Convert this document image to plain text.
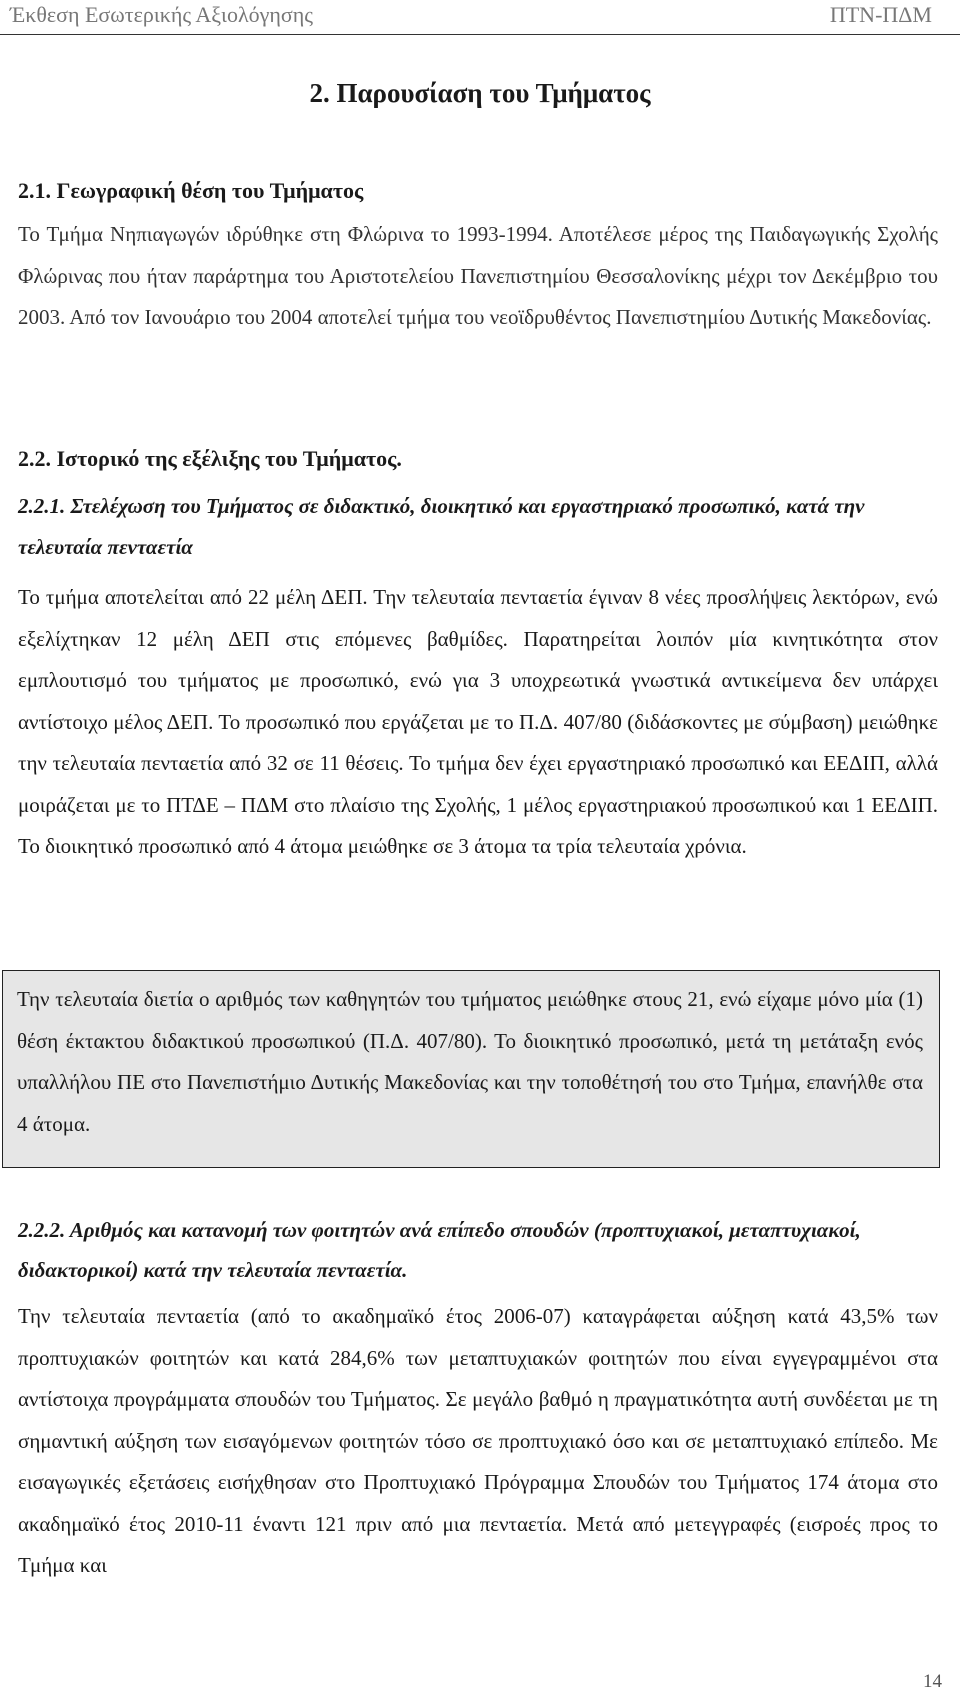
Έκθεση Εσωτερικής Αξιολόγησης	ΠΤΝ-ΠΔΜ
2. Παρουσίαση του Τμήματος
2.1. Γεωγραφική θέση του Τμήματος

Το Τμήμα Νηπιαγωγών ιδρύθηκε στη Φλώρινα το 1993-1994. Αποτέλεσε μέρος της Παιδαγωγικής Σχολής Φλώρινας που ήταν παράρτημα του Αριστοτελείου Πανεπιστημίου Θεσσαλονίκης μέχρι τον Δεκέμβριο του 2003. Από τον Ιανουάριο του 2004 αποτελεί τμήμα του νεοϊδρυθέντος Πανεπιστημίου Δυτικής Μακεδονίας.

2.2. Ιστορικό της εξέλιξης του Τμήματος.
2.2.1. Στελέχωση του Τμήματος σε διδακτικό, διοικητικό και εργαστηριακό προσωπικό, κατά την τελευταία πενταετία

Το τμήμα αποτελείται από 22 μέλη ΔΕΠ. Την τελευταία πενταετία έγιναν 8 νέες προσλήψεις λεκτόρων, ενώ εξελίχτηκαν 12 μέλη ΔΕΠ στις επόμενες βαθμίδες. Παρατηρείται λοιπόν μία κινητικότητα στον εμπλουτισμό του τμήματος με προσωπικό, ενώ για 3 υποχρεωτικά γνωστικά αντικείμενα δεν υπάρχει αντίστοιχο μέλος ΔΕΠ. Το προσωπικό που εργάζεται με το Π.Δ. 407/80 (διδάσκοντες με σύμβαση) μειώθηκε την τελευταία πενταετία από 32 σε 11 θέσεις. Το τμήμα δεν έχει εργαστηριακό προσωπικό και ΕΕΔΙΠ, αλλά μοιράζεται με το ΠΤΔΕ – ΠΔΜ στο πλαίσιο της Σχολής, 1 μέλος εργαστηριακού προσωπικού και 1 ΕΕΔΙΠ. Το διοικητικό προσωπικό από 4 άτομα μειώθηκε σε 3 άτομα τα τρία τελευταία χρόνια.

Την τελευταία διετία ο αριθμός των καθηγητών του τμήματος μειώθηκε στους 21, ενώ είχαμε μόνο μία (1) θέση έκτακτου διδακτικού προσωπικού (Π.Δ. 407/80). Το διοικητικό προσωπικό, μετά τη μετάταξη ενός υπαλλήλου ΠΕ στο Πανεπιστήμιο Δυτικής Μακεδονίας και την τοποθέτησή του στο Τμήμα, επανήλθε στα 4 άτομα.

2.2.2. Αριθμός και κατανομή των φοιτητών ανά επίπεδο σπουδών (προπτυχιακοί, μεταπτυχιακοί, διδακτορικοί) κατά την τελευταία πενταετία.

Την τελευταία πενταετία (από το ακαδημαϊκό έτος 2006-07) καταγράφεται αύξηση κατά 43,5% των προπτυχιακών φοιτητών και κατά 284,6% των μεταπτυχιακών φοιτητών που είναι εγγεγραμμένοι στα αντίστοιχα προγράμματα σπουδών του Τμήματος. Σε μεγάλο βαθμό η πραγματικότητα αυτή συνδέεται με τη σημαντική αύξηση των εισαγόμενων φοιτητών τόσο σε προπτυχιακό όσο και σε μεταπτυχιακό επίπεδο. Με εισαγωγικές εξετάσεις εισήχθησαν στο Προπτυχιακό Πρόγραμμα Σπουδών του Τμήματος 174 άτομα στο ακαδημαϊκό έτος 2010-11 έναντι 121 πριν από μια πενταετία. Μετά από μετεγγραφές (εισροές προς το Τμήμα και

14
